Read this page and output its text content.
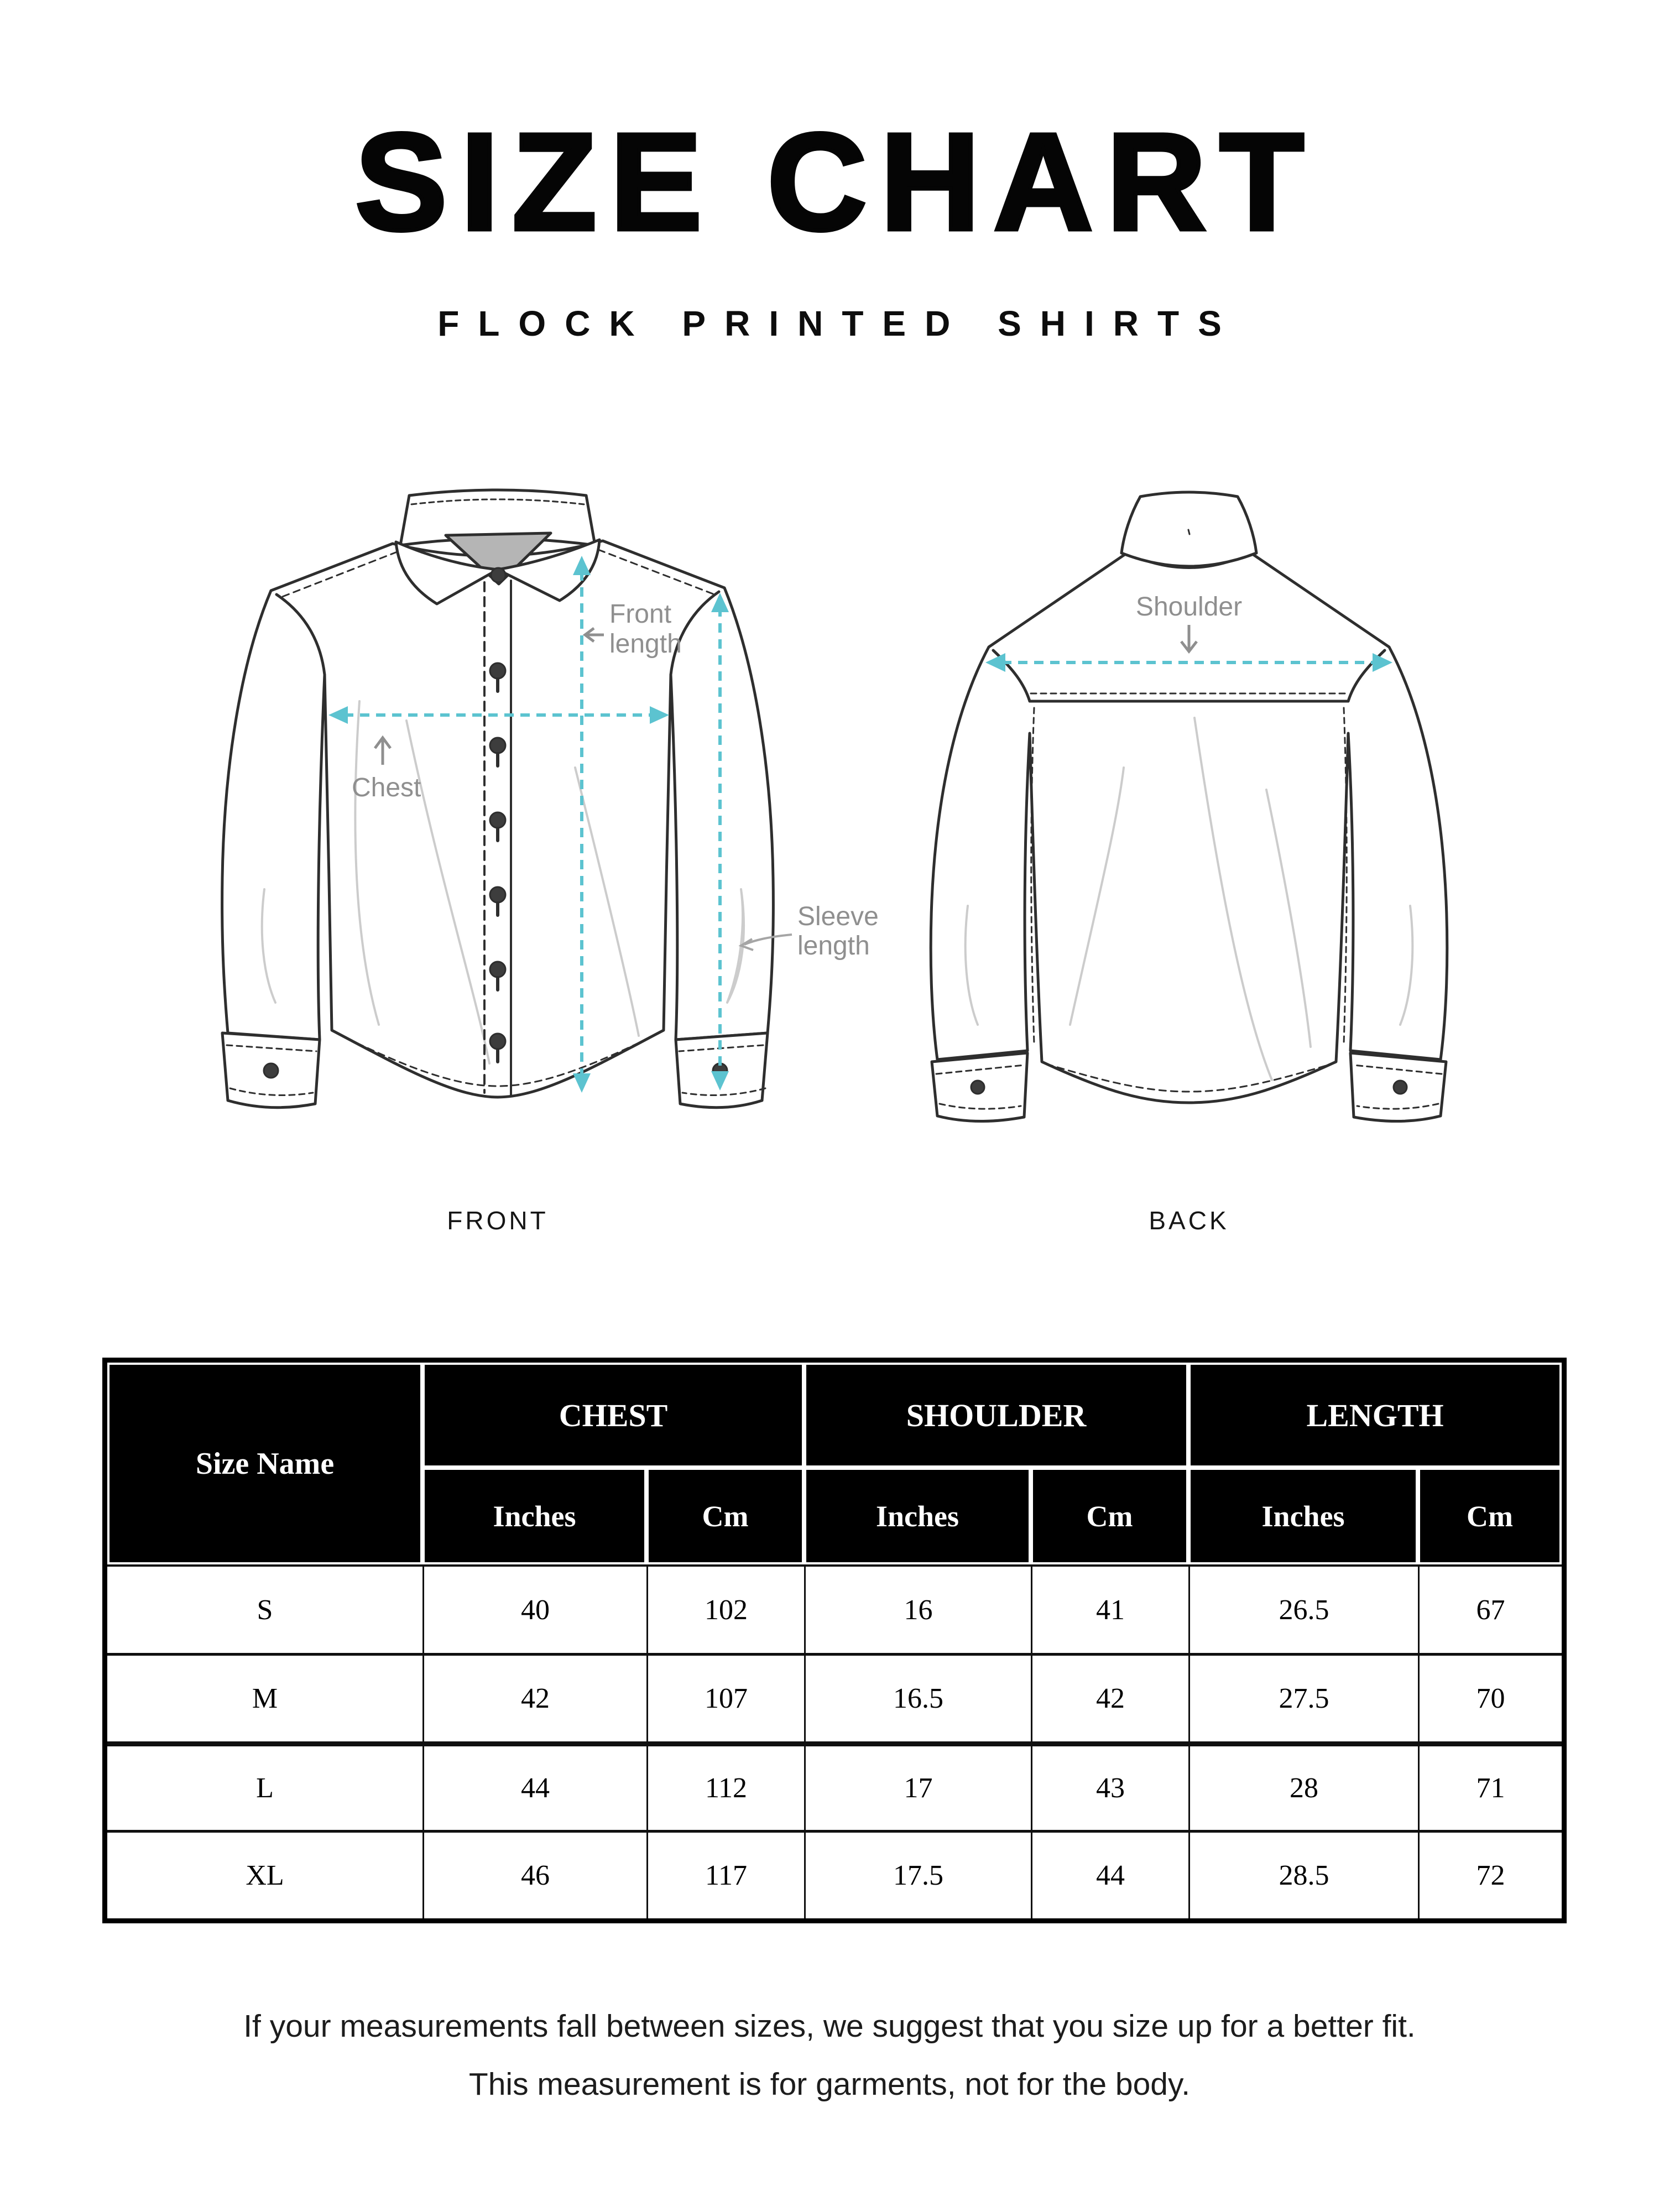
SIZE CHART
FLOCK PRINTED SHIRTS
Front
length
Chest
Sleeve
length
Shoulder
FRONT	BACK
Size Name	CHEST		SHOULDER		LENGTH	
	Inches	Cm	Inches	Cm	Inches	Cm
S	40	102	16	41	26.5	67
M	42	107	16.5	42	27.5	70
L	44	112	17	43	28	71
XL	46	117	17.5	44	28.5	72
If your measurements fall between sizes, we suggest that you size up for a better fit.
This measurement is for garments, not for the body.
